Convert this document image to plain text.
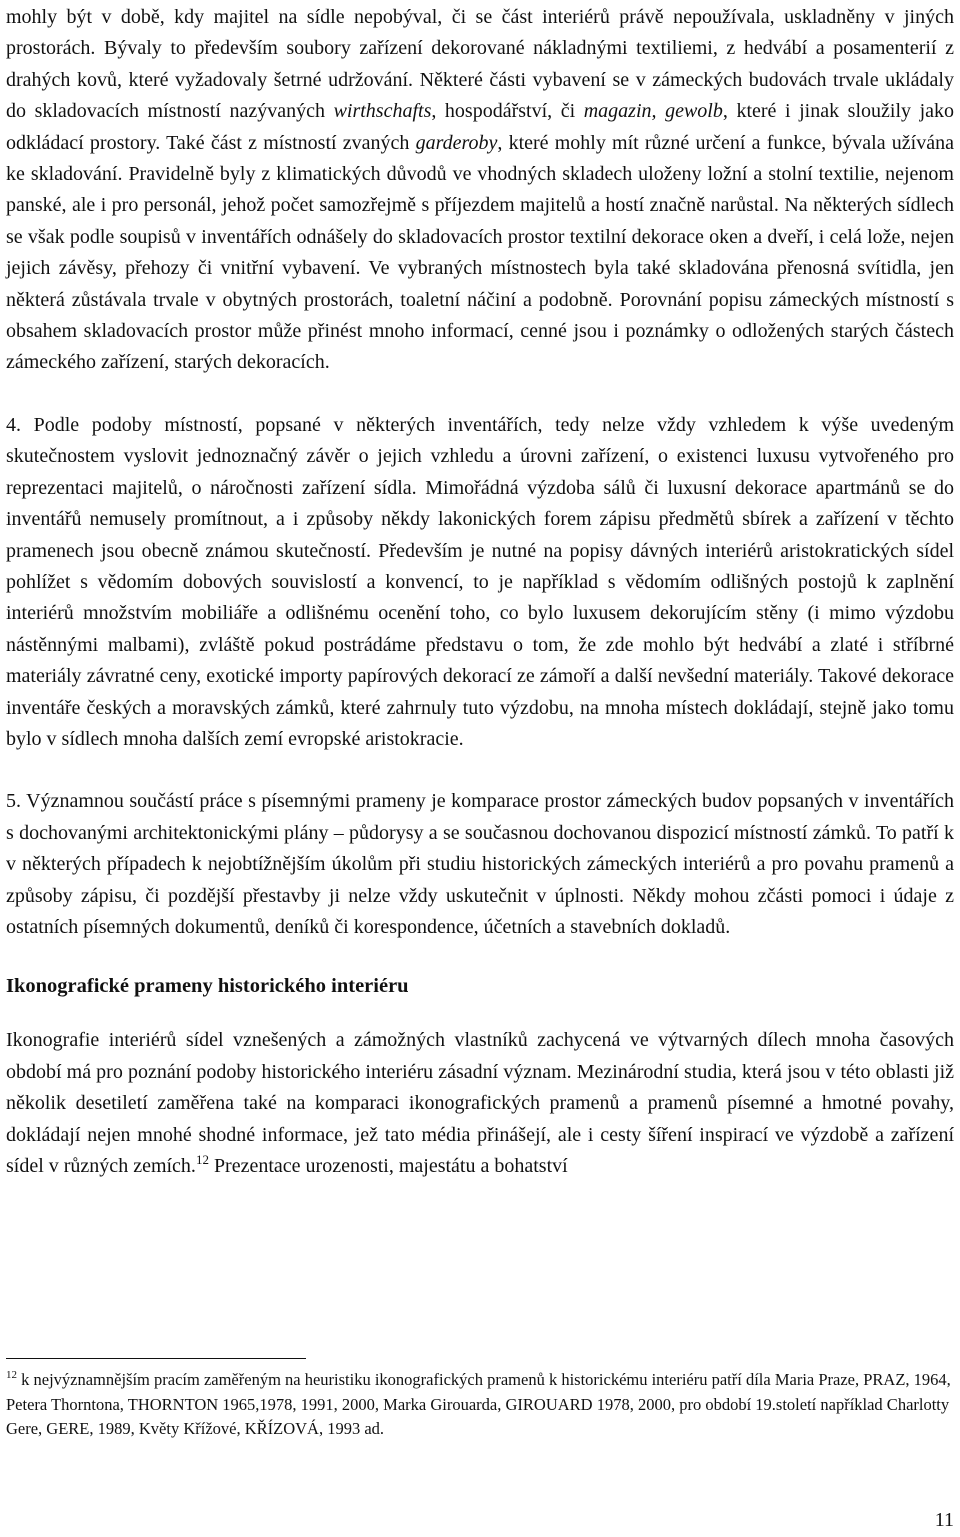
mohly být v době, kdy majitel na sídle nepobýval, či se část interiérů právě nepoužívala, uskladněny v jiných prostorách. Bývaly to především soubory zařízení dekorované nákladnými textiliemi, z hedvábí a posamenterií z drahých kovů, které vyžadovaly šetrné udržování. Některé části vybavení se v zámeckých budovách trvale ukládaly do skladovacích místností nazývaných wirthschafts, hospodářství, či magazin, gewolb, které i jinak sloužily jako odkládací prostory. Také část z místností zvaných garderoby, které mohly mít různé určení a funkce, bývala užívána ke skladování. Pravidelně byly z klimatických důvodů ve vhodných skladech uloženy ložní a stolní textilie, nejenom panské, ale i pro personál, jehož počet samozřejmě s příjezdem majitelů a hostí značně narůstal. Na některých sídlech se však podle soupisů v inventářích odnášely do skladovacích prostor textilní dekorace oken a dveří, i celá lože, nejen jejich závěsy, přehozy či vnitřní vybavení. Ve vybraných místnostech byla také skladována přenosná svítidla, jen některá zůstávala trvale v obytných prostorách, toaletní náčiní a podobně. Porovnání popisu zámeckých místností s obsahem skladovacích prostor může přinést mnoho informací, cenné jsou i poznámky o odložených starých částech zámeckého zařízení, starých dekoracích.

4. Podle podoby místností, popsané v některých inventářích, tedy nelze vždy vzhledem k výše uvedeným skutečnostem vyslovit jednoznačný závěr o jejich vzhledu a úrovni zařízení, o existenci luxusu vytvořeného pro reprezentaci majitelů, o náročnosti zařízení sídla. Mimořádná výzdoba sálů či luxusní dekorace apartmánů se do inventářů nemusely promítnout, a i způsoby někdy lakonických forem zápisu předmětů sbírek a zařízení v těchto pramenech jsou obecně známou skutečností. Především je nutné na popisy dávných interiérů aristokratických sídel pohlížet s vědomím dobových souvislostí a konvencí, to je například s vědomím odlišných postojů k zaplnění interiérů množstvím mobiliáře a odlišnému ocenění toho, co bylo luxusem dekorujícím stěny (i mimo výzdobu nástěnnými malbami), zvláště pokud postrádáme představu o tom, že zde mohlo být hedvábí a zlaté i stříbrné materiály závratné ceny, exotické importy papírových dekorací ze zámoří a další nevšední materiály. Takové dekorace inventáře českých a moravských zámků, které zahrnuly tuto výzdobu, na mnoha místech dokládají, stejně jako tomu bylo v sídlech mnoha dalších zemí evropské aristokracie.

5. Významnou součástí práce s písemnými prameny je komparace prostor zámeckých budov popsaných v inventářích s dochovanými architektonickými plány – půdorysy a se současnou dochovanou dispozicí místností zámků. To patří k v některých případech k nejobtížnějším úkolům při studiu historických zámeckých interiérů a pro povahu pramenů a způsoby zápisu, či pozdější přestavby ji nelze vždy uskutečnit v úplnosti. Někdy mohou zčásti pomoci i údaje z ostatních písemných dokumentů, deníků či korespondence, účetních a stavebních dokladů.

Ikonografické prameny historického interiéru

Ikonografie interiérů sídel vznešených a zámožných vlastníků zachycená ve výtvarných dílech mnoha časových období má pro poznání podoby historického interiéru zásadní význam. Mezinárodní studia, která jsou v této oblasti již několik desetiletí zaměřena také na komparaci ikonografických pramenů a pramenů písemné a hmotné povahy, dokládají nejen mnohé shodné informace, jež tato média přinášejí, ale i cesty šíření inspirací ve výzdobě a zařízení sídel v různých zemích.$^{12}$ Prezentace urozenosti, majestátu a bohatství

$^{12}$ k nejvýznamnějším pracím zaměřeným na heuristiku ikonografických pramenů k historickému interiéru patří díla Maria Praze, PRAZ, 1964, Petera Thorntona, THORNTON 1965,1978, 1991, 2000, Marka Girouarda, GIROUARD 1978, 2000, pro období 19.století například Charlotty Gere, GERE, 1989, Květy Křížové, KŘÍZOVÁ, 1993 ad.

11
